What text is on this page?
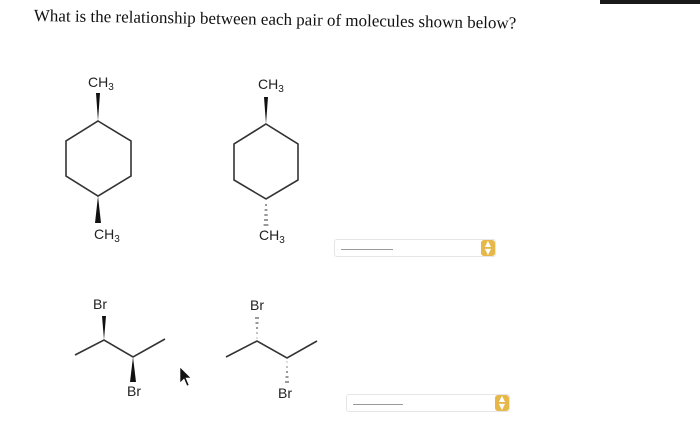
What is the relationship between each pair of molecules shown below?
$CH_3$
$CH_3$
$CH_3$
$CH_3$
Br
Br
Br
Br
▲
▼
▲
▼
